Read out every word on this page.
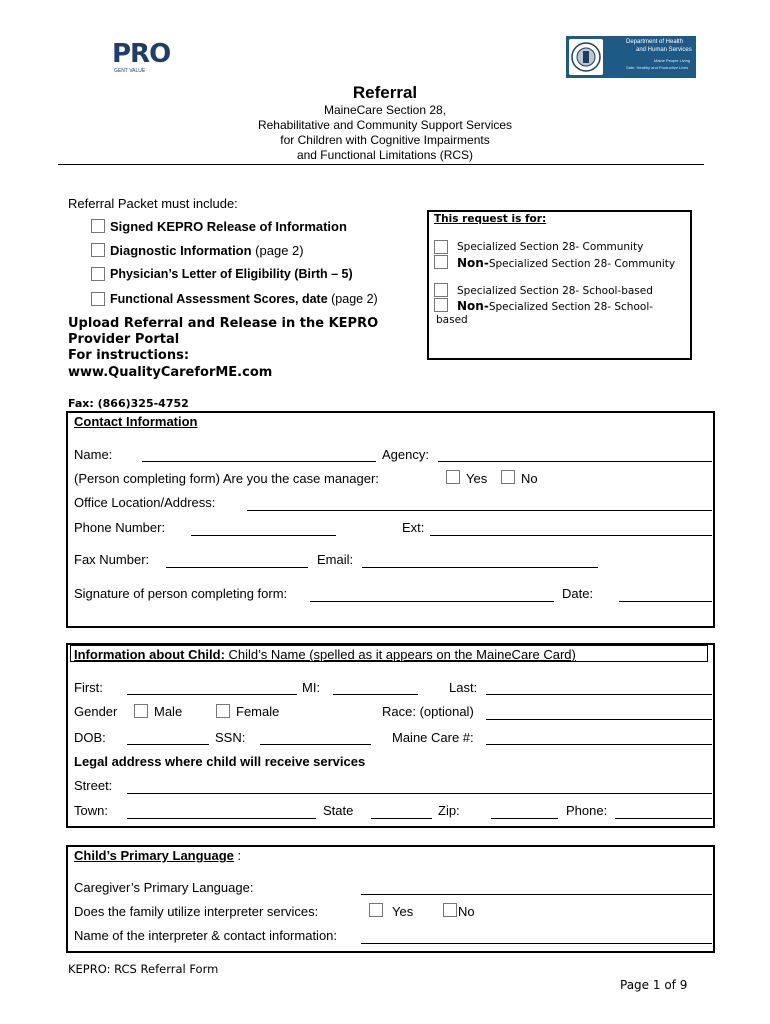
PRO
GENT VALUE
Department of Health
and Human Services
Maine People Living
Safe, Healthy and Productive Lives
Referral
MaineCare Section 28,
Rehabilitative and Community Support Services
for Children with Cognitive Impairments
and Functional Limitations (RCS)
Referral Packet must include:
Signed KEPRO Release of Information
Diagnostic Information (page 2)
Physician’s Letter of Eligibility (Birth – 5)
Functional Assessment Scores, date (page 2)
Upload Referral and Release in the KEPRO
Provider Portal
For instructions:
www.QualityCareforME.com
Fax: (866)325-4752
This request is for:
Specialized Section 28- Community
Non-Specialized Section 28- Community
Specialized Section 28- School-based
Non-Specialized Section 28- School-
based
Contact Information
Name:	Agency:
(Person completing form) Are you the case manager:	Yes	No
Office Location/Address:
Phone Number:	Ext:
Fax Number:	Email:
Signature of person completing form:	Date:
Information about Child: Child’s Name (spelled as it appears on the MaineCare Card)
First:	MI:	Last:
Gender	Male	Female	Race: (optional)
DOB:	SSN:	Maine Care #:
Legal address where child will receive services
Street:
Town:	State	Zip:	Phone:
Child’s Primary Language :
Caregiver’s Primary Language:
Does the family utilize interpreter services:	Yes	No
Name of the interpreter & contact information:
KEPRO: RCS Referral Form
Page 1 of 9
